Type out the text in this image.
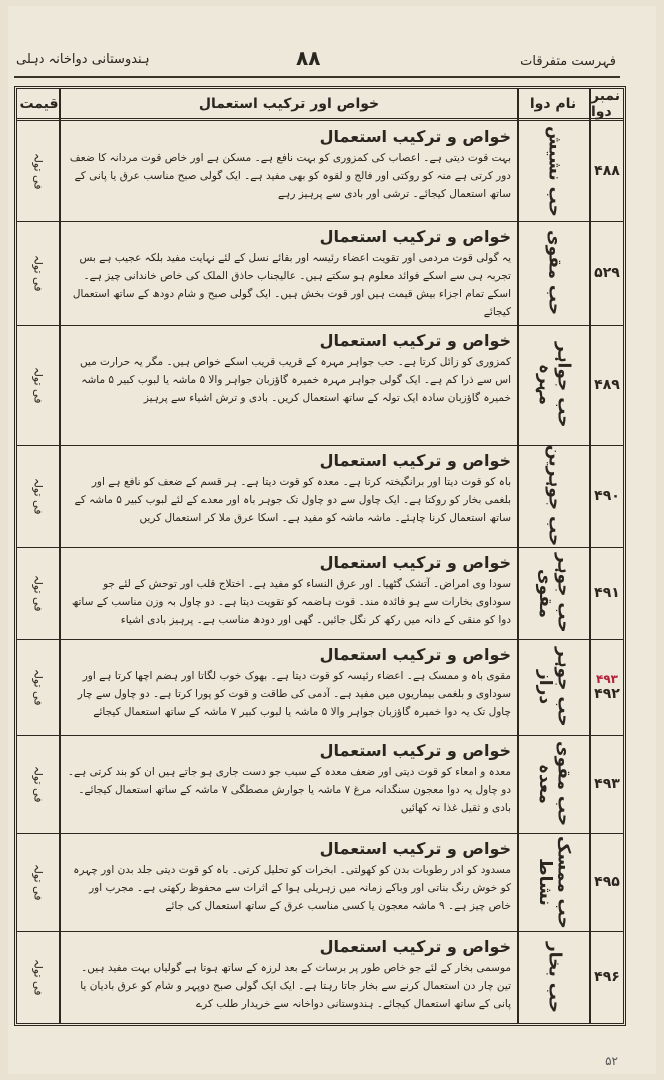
ہندوستانی دواخانہ دہلی	۸۸	فہرست متفرقات
نمبر دوا
نام دوا
خواص اور ترکیب استعمال
قیمت
۴۸۸
حب نشیش
خواص و ترکیب استعمال
بہت قوت دیتی ہے۔ اعصاب کی کمزوری کو بہت نافع ہے۔ مسکن ہے اور خاص قوت مردانہ کا ضعف دور کرتی ہے منہ کو روکتی اور فالج و لقوہ کو بھی مفید ہے۔ ایک گولی صبح مناسب عرق یا پانی کے ساتھ استعمال کیجائے۔ ترشی اور بادی سے پرہیز رہے
فی تولہ
۵۲۹
حب مقوی
خواص و ترکیب استعمال
یہ گولی قوت مردمی اور تقویت اعضاء رئیسہ اور بقائے نسل کے لئے نہایت مفید بلکہ عجیب ہے بس تجربہ ہی سے اسکے فوائد معلوم ہو سکتے ہیں۔ عالیجناب حاذق الملک کی خاص خاندانی چیز ہے۔ اسکے تمام اجزاء بیش قیمت ہیں اور قوت بخش ہیں۔ ایک گولی صبح و شام دودھ کے ساتھ استعمال کیجائے
فی تولہ
۴۸۹
حب جواہر مہرہ
خواص و ترکیب استعمال
کمزوری کو زائل کرتا ہے۔ حب جواہر مہرہ کے قریب قریب اسکے خواص ہیں۔ مگر یہ حرارت میں اس سے ذرا کم ہے۔ ایک گولی جواہر مہرہ خمیرہ گاؤزبان جواہر والا ۵ ماشہ یا لبوب کبیر ۵ ماشہ خمیرہ گاؤزبان سادہ ایک تولہ کے ساتھ استعمال کریں۔ بادی و ترش اشیاء سے پرہیز
فی تولہ
۴۹۰
حب جوہرین
خواص و ترکیب استعمال
باہ کو قوت دیتا اور برانگیختہ کرتا ہے۔ معدہ کو قوت دیتا ہے۔ ہر قسم کے ضعف کو نافع ہے اور بلغمی بخار کو روکتا ہے۔ ایک چاول سے دو چاول تک جوہر باہ اور معدے کے لئے لبوب کبیر ۵ ماشہ کے ساتھ استعمال کرنا چاہئے۔ ماشہ ماشہ کو مفید ہے۔ اسکا عرق ملا کر استعمال کریں
فی تولہ
۴۹۱
حب جوہر مقوی
خواص و ترکیب استعمال
سودا وی امراض۔ آتشک گٹھیا۔ اور عرق النساء کو مفید ہے۔ اختلاج قلب اور توحش کے لئے جو سوداوی بخارات سے ہو فائدہ مند۔ قوت ہاضمہ کو تقویت دیتا ہے۔ دو چاول بہ وزن مناسب کے ساتھ دوا کو منقی کے دانہ میں رکھ کر نگل جائیں۔ گھی اور دودھ مناسب ہے۔ پرہیز بادی اشیاء
فی تولہ
۴۹۳
۴۹۲
حب جوہر دراز
خواص و ترکیب استعمال
مقوی باہ و ممسک ہے۔ اعضاء رئیسہ کو قوت دیتا ہے۔ بھوک خوب لگاتا اور ہضم اچھا کرتا ہے اور سوداوی و بلغمی بیماریوں میں مفید ہے۔ آدمی کی طاقت و قوت کو پورا کرتا ہے۔ دو چاول سے چار چاول تک یہ دوا خمیرہ گاؤزبان جواہر والا ۵ ماشہ یا لبوب کبیر ۷ ماشہ کے ساتھ استعمال کیجائے
فی تولہ
۴۹۳
حب مقوی معدہ
خواص و ترکیب استعمال
معدہ و امعاء کو قوت دیتی اور ضعف معدہ کے سبب جو دست جاری ہو جاتے ہیں ان کو بند کرتی ہے۔ دو چاول یہ دوا معجون سنگدانہ مرغ ۷ ماشہ یا جوارش مصطگی ۷ ماشہ کے ساتھ استعمال کیجائے۔ بادی و ثقیل غذا نہ کھائیں
فی تولہ
۴۹۵
حب ممسک نشاط
خواص و ترکیب استعمال
مسدود کو ادر رطوبات بدن کو کھولتی۔ ابخرات کو تحلیل کرتی۔ باہ کو قوت دیتی جلد بدن اور چہرہ کو خوش رنگ بناتی اور وباکے زمانہ میں زہریلی ہوا کے اثرات سے محفوظ رکھتی ہے۔ مجرب اور خاص چیز ہے۔ ۹ ماشہ معجون یا کسی مناسب عرق کے ساتھ استعمال کی جائے
فی تولہ
۴۹۶
حب بخار
خواص و ترکیب استعمال
موسمی بخار کے لئے جو خاص طور پر برسات کے بعد لرزہ کے ساتھ ہوتا ہے گولیاں بہت مفید ہیں۔ تین چار دن استعمال کرنے سے بخار جاتا رہتا ہے۔ ایک ایک گولی صبح دوپہر و شام کو عرق بادیان یا پانی کے ساتھ استعمال کیجائے۔ ہندوستانی دواخانہ سے خریدار طلب کرے
فی تولہ
۵۲
